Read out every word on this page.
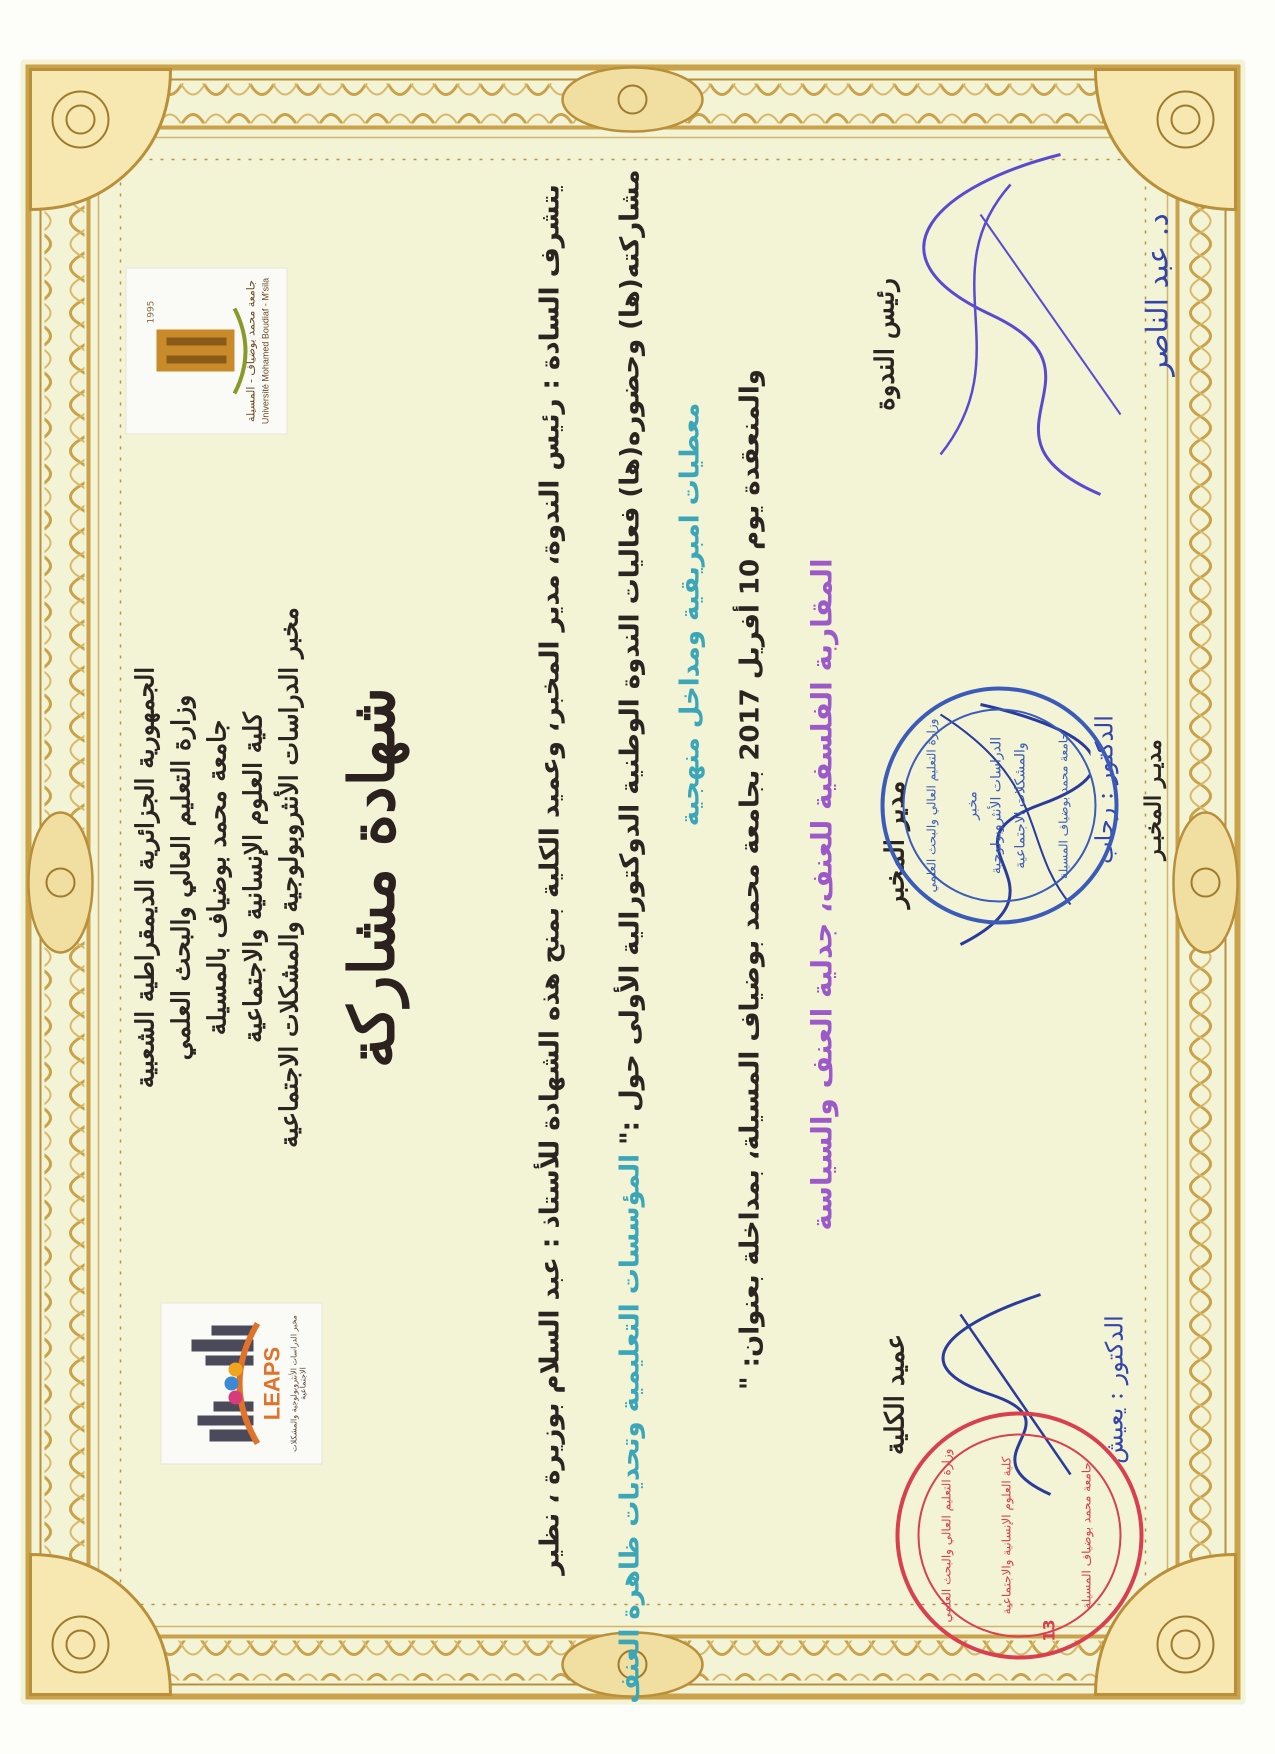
جامعة محمد بوضياف - المسيلة Université Mohamed Boudiaf - M'sila
1995
LEAPS مخبر الدراسات الأنثروبولوجية والمشكلات الاجتماعية
الجمهورية الجزائرية الديمقراطية الشعبية وزارة التعليم العالي والبحث العلمي جامعة محمد بوضياف بالمسيلة كلية العلوم الإنسانية والاجتماعية مخبر الدراسات الأنثروبولوجية والمشكلات الاجتماعية شهادة مشاركة	يتشرف السادة : رئيس الندوة، مدير المخبر، وعميد الكلية بمنح هذه الشهادة للأستاذ : عبد السلام بوزيرة ، نظير
مشاركته(ها) وحضوره(ها) فعاليات الندوة الوطنية الدوكتورالية الأولى حول :" المؤسسات التعليمية وتحديات ظاهرة العنف
معطيات امبريقية ومداخل منهجية
والمنعقدة يوم 10 أفريل 2017 بجامعة محمد بوضياف المسيلة، بمداخلة بعنوان: "
المقاربة الفلسفية للعنف، جدلية العنف والسياسة
عميد الكلية	الدكتور : يعيش
مدير المخبر	الدكتور : رجاب مديـر المخبـر
رئيس الندوة	د. عبد الناصر
وزارة التعليم العالي والبحث العلمي مخبر الدراسات الأنثروبولوجية والمشكلات الاجتماعية جامعة محمد بوضياف المسيلة
وزارة التعليم العالي والبحث العلمي	كلية العلوم الإنسانية والاجتماعية	جامعة محمد بوضياف المسيلة
13
